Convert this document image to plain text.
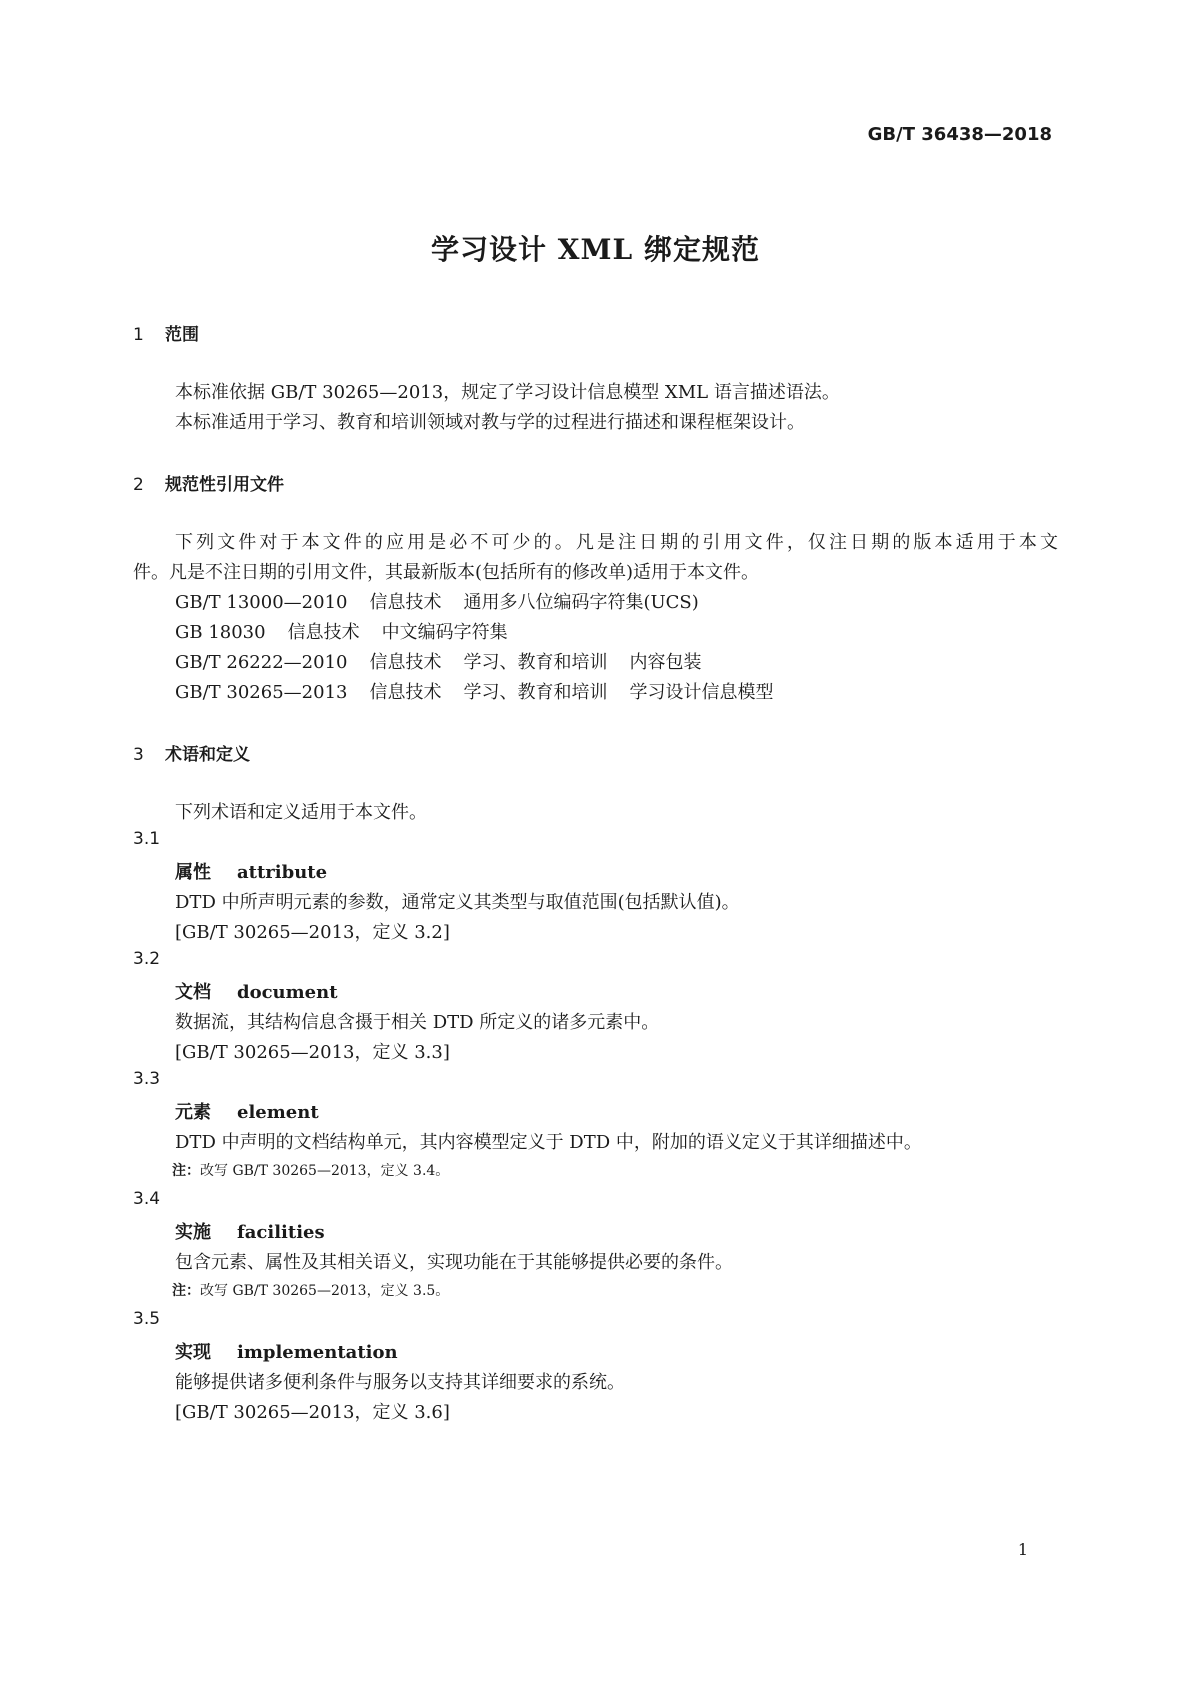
GB/T 36438—2018
学习设计 XML 绑定规范
1 范围
本标准依据 GB/T 30265—2013，规定了学习设计信息模型 XML 语言描述语法。
本标准适用于学习、教育和培训领域对教与学的过程进行描述和课程框架设计。
2 规范性引用文件
下列文件对于本文件的应用是必不可少的。凡是注日期的引用文件，仅注日期的版本适用于本文
件。凡是不注日期的引用文件，其最新版本(包括所有的修改单)适用于本文件。
GB/T 13000—2010 信息技术 通用多八位编码字符集(UCS)
GB 18030 信息技术 中文编码字符集
GB/T 26222—2010 信息技术 学习、教育和培训 内容包装
GB/T 30265—2013 信息技术 学习、教育和培训 学习设计信息模型
3 术语和定义
下列术语和定义适用于本文件。
3.1
属性 attribute
DTD 中所声明元素的参数，通常定义其类型与取值范围(包括默认值)。
[GB/T 30265—2013，定义 3.2]
3.2
文档 document
数据流，其结构信息含摄于相关 DTD 所定义的诸多元素中。
[GB/T 30265—2013，定义 3.3]
3.3
元素 element
DTD 中声明的文档结构单元，其内容模型定义于 DTD 中，附加的语义定义于其详细描述中。
注：改写 GB/T 30265—2013，定义 3.4。
3.4
实施 facilities
包含元素、属性及其相关语义，实现功能在于其能够提供必要的条件。
注：改写 GB/T 30265—2013，定义 3.5。
3.5
实现 implementation
能够提供诸多便利条件与服务以支持其详细要求的系统。
[GB/T 30265—2013，定义 3.6]
1
